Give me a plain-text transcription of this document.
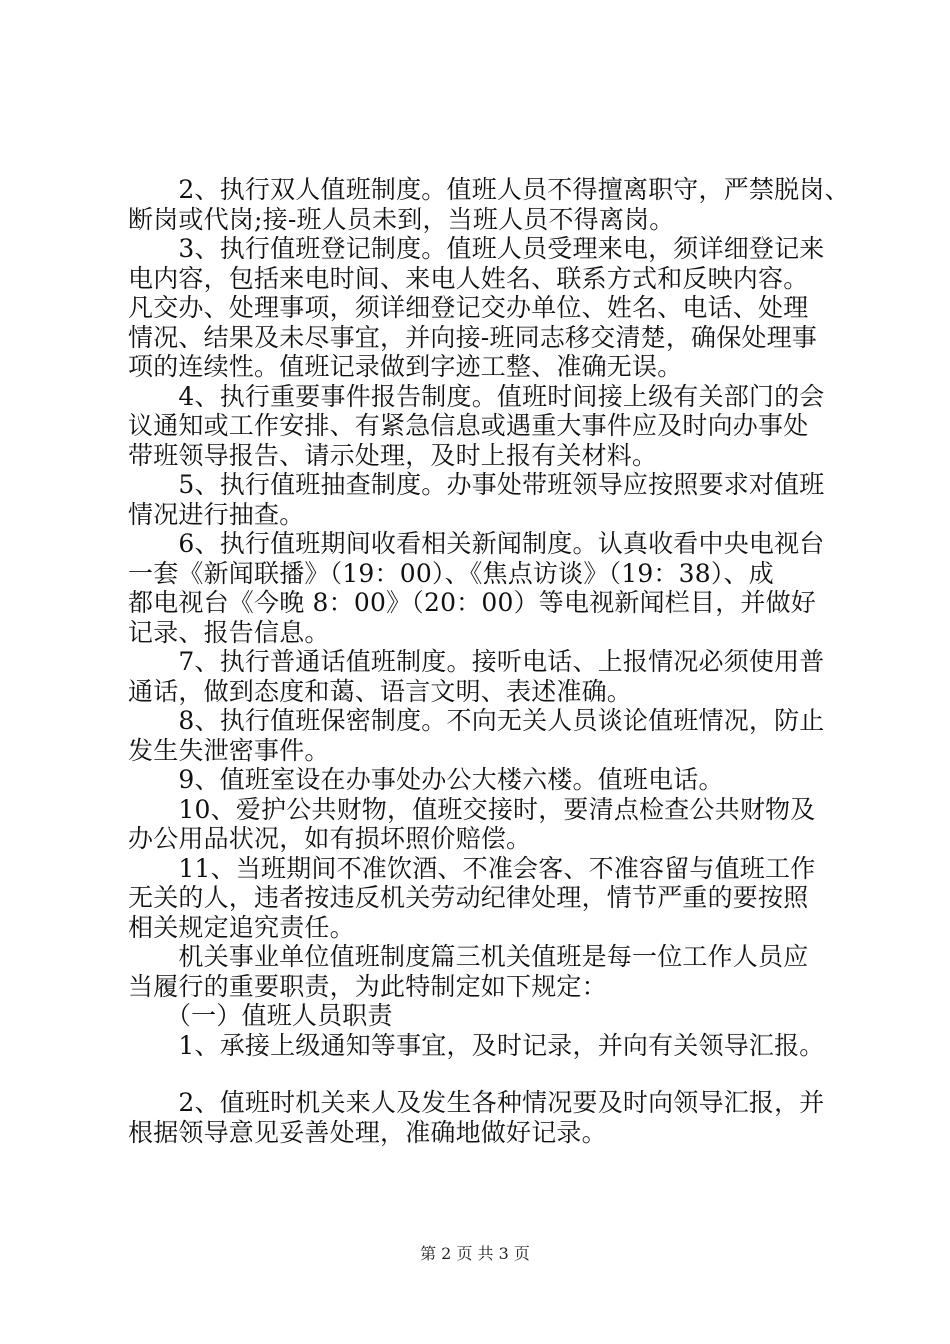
　　2、执行双人值班制度。值班人员不得擅离职守，严禁脱岗、
断岗或代岗;接-班人员未到，当班人员不得离岗。
　　3、执行值班登记制度。值班人员受理来电，须详细登记来
电内容，包括来电时间、来电人姓名、联系方式和反映内容。
凡交办、处理事项，须详细登记交办单位、姓名、电话、处理
情况、结果及未尽事宜，并向接-班同志移交清楚，确保处理事
项的连续性。值班记录做到字迹工整、准确无误。
　　4、执行重要事件报告制度。值班时间接上级有关部门的会
议通知或工作安排、有紧急信息或遇重大事件应及时向办事处
带班领导报告、请示处理，及时上报有关材料。
　　5、执行值班抽查制度。办事处带班领导应按照要求对值班
情况进行抽查。
　　6、执行值班期间收看相关新闻制度。认真收看中央电视台
一套《新闻联播》（19：00）、《焦点访谈》（19：38）、成
都电视台《今晚 8：00》（20：00）等电视新闻栏目，并做好
记录、报告信息。
　　7、执行普通话值班制度。接听电话、上报情况必须使用普
通话，做到态度和蔼、语言文明、表述准确。
　　8、执行值班保密制度。不向无关人员谈论值班情况，防止
发生失泄密事件。
　　9、值班室设在办事处办公大楼六楼。值班电话。
　　10、爱护公共财物，值班交接时，要清点检查公共财物及
办公用品状况，如有损坏照价赔偿。
　　11、当班期间不准饮酒、不准会客、不准容留与值班工作
无关的人，违者按违反机关劳动纪律处理，情节严重的要按照
相关规定追究责任。
　　机关事业单位值班制度篇三机关值班是每一位工作人员应
当履行的重要职责，为此特制定如下规定：
　　（一）值班人员职责
　　1、承接上级通知等事宜，及时记录，并向有关领导汇报。
　　2、值班时机关来人及发生各种情况要及时向领导汇报，并
根据领导意见妥善处理，准确地做好记录。
第 2 页 共 3 页
